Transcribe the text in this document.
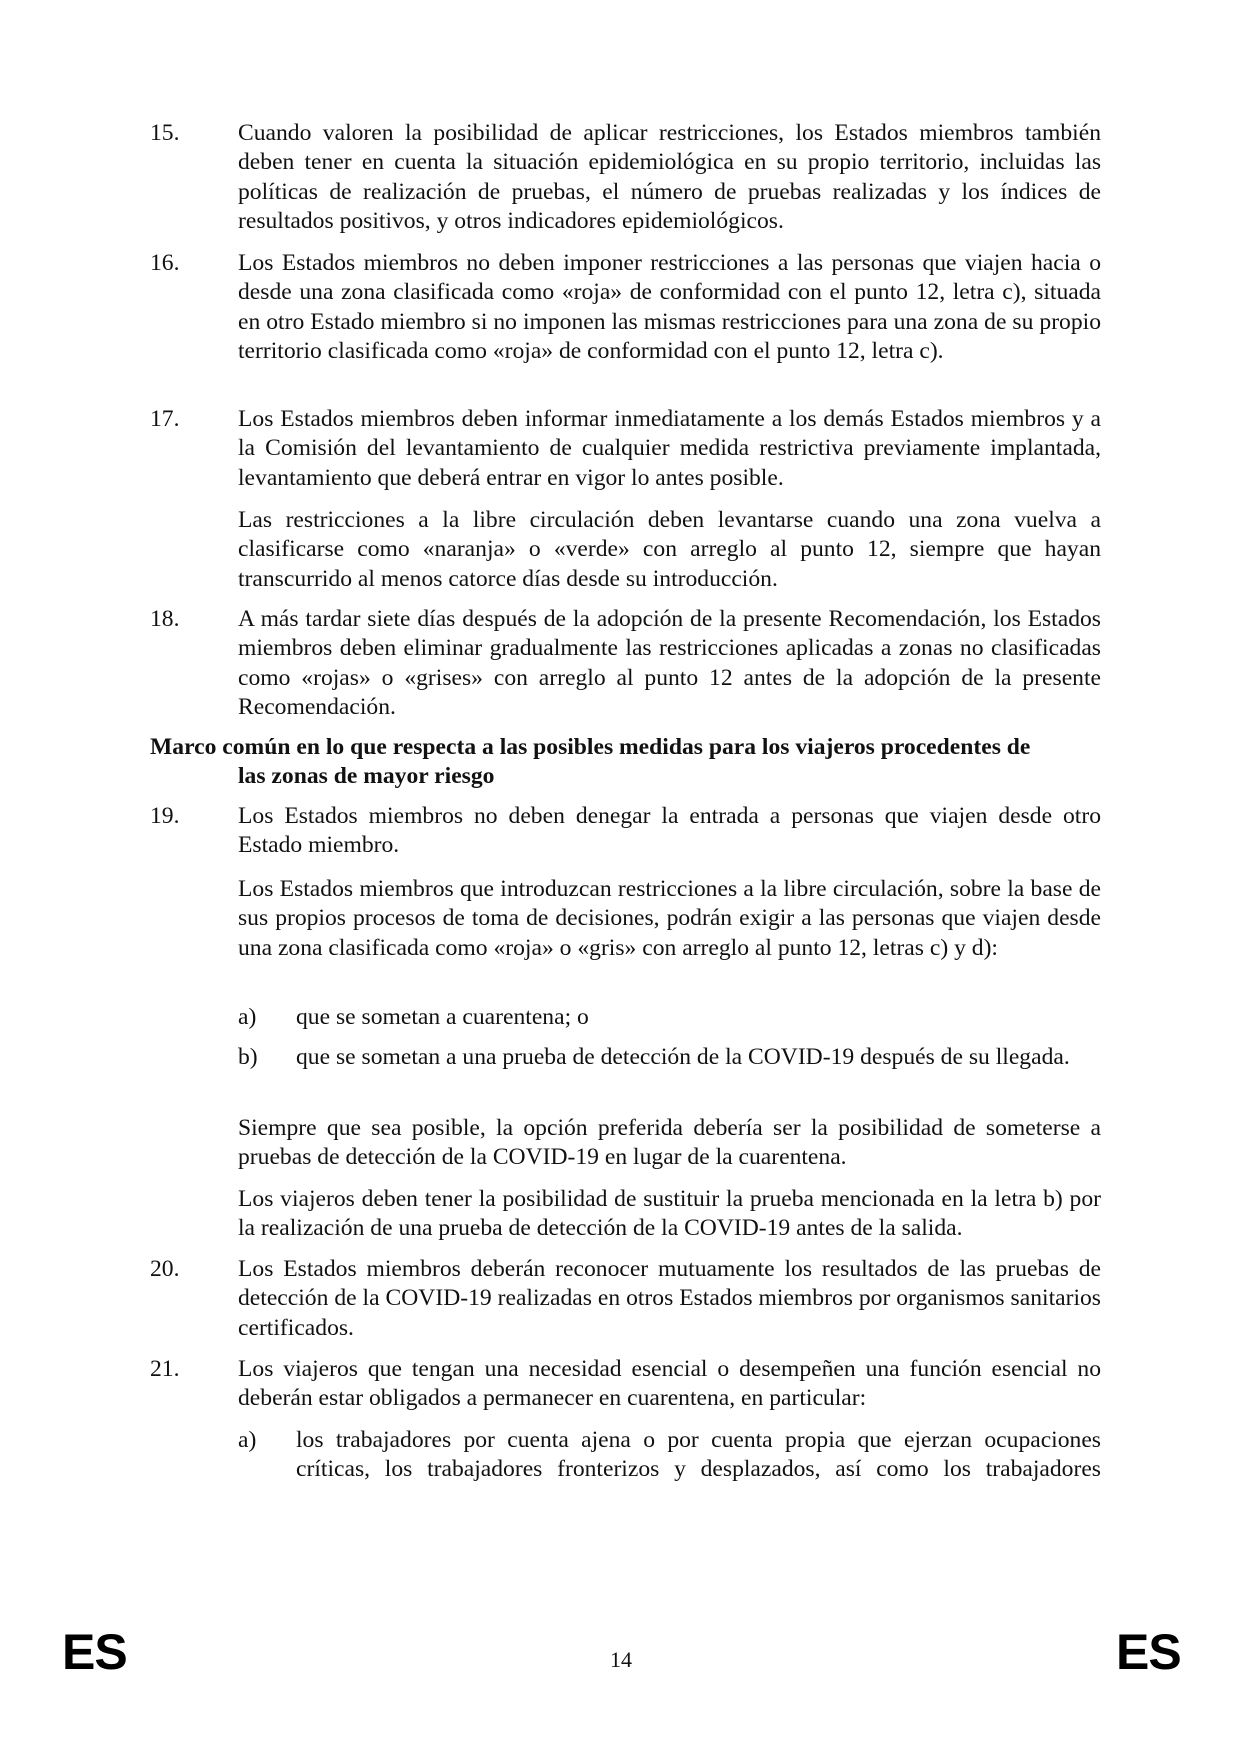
15. Cuando valoren la posibilidad de aplicar restricciones, los Estados miembros también deben tener en cuenta la situación epidemiológica en su propio territorio, incluidas las políticas de realización de pruebas, el número de pruebas realizadas y los índices de resultados positivos, y otros indicadores epidemiológicos.
16. Los Estados miembros no deben imponer restricciones a las personas que viajen hacia o desde una zona clasificada como «roja» de conformidad con el punto 12, letra c), situada en otro Estado miembro si no imponen las mismas restricciones para una zona de su propio territorio clasificada como «roja» de conformidad con el punto 12, letra c).
17. Los Estados miembros deben informar inmediatamente a los demás Estados miembros y a la Comisión del levantamiento de cualquier medida restrictiva previamente implantada, levantamiento que deberá entrar en vigor lo antes posible.
Las restricciones a la libre circulación deben levantarse cuando una zona vuelva a clasificarse como «naranja» o «verde» con arreglo al punto 12, siempre que hayan transcurrido al menos catorce días desde su introducción.
18. A más tardar siete días después de la adopción de la presente Recomendación, los Estados miembros deben eliminar gradualmente las restricciones aplicadas a zonas no clasificadas como «rojas» o «grises» con arreglo al punto 12 antes de la adopción de la presente Recomendación.
Marco común en lo que respecta a las posibles medidas para los viajeros procedentes de
las zonas de mayor riesgo
19. Los Estados miembros no deben denegar la entrada a personas que viajen desde otro Estado miembro.
Los Estados miembros que introduzcan restricciones a la libre circulación, sobre la base de sus propios procesos de toma de decisiones, podrán exigir a las personas que viajen desde una zona clasificada como «roja» o «gris» con arreglo al punto 12, letras c) y d):
a) que se sometan a cuarentena; o
b) que se sometan a una prueba de detección de la COVID-19 después de su llegada.
Siempre que sea posible, la opción preferida debería ser la posibilidad de someterse a pruebas de detección de la COVID-19 en lugar de la cuarentena.
Los viajeros deben tener la posibilidad de sustituir la prueba mencionada en la letra b) por la realización de una prueba de detección de la COVID-19 antes de la salida.
20. Los Estados miembros deberán reconocer mutuamente los resultados de las pruebas de detección de la COVID-19 realizadas en otros Estados miembros por organismos sanitarios certificados.
21. Los viajeros que tengan una necesidad esencial o desempeñen una función esencial no deberán estar obligados a permanecer en cuarentena, en particular:
a) los trabajadores por cuenta ajena o por cuenta propia que ejerzan ocupaciones críticas, los trabajadores fronterizos y desplazados, así como los trabajadores
ES	14	ES
